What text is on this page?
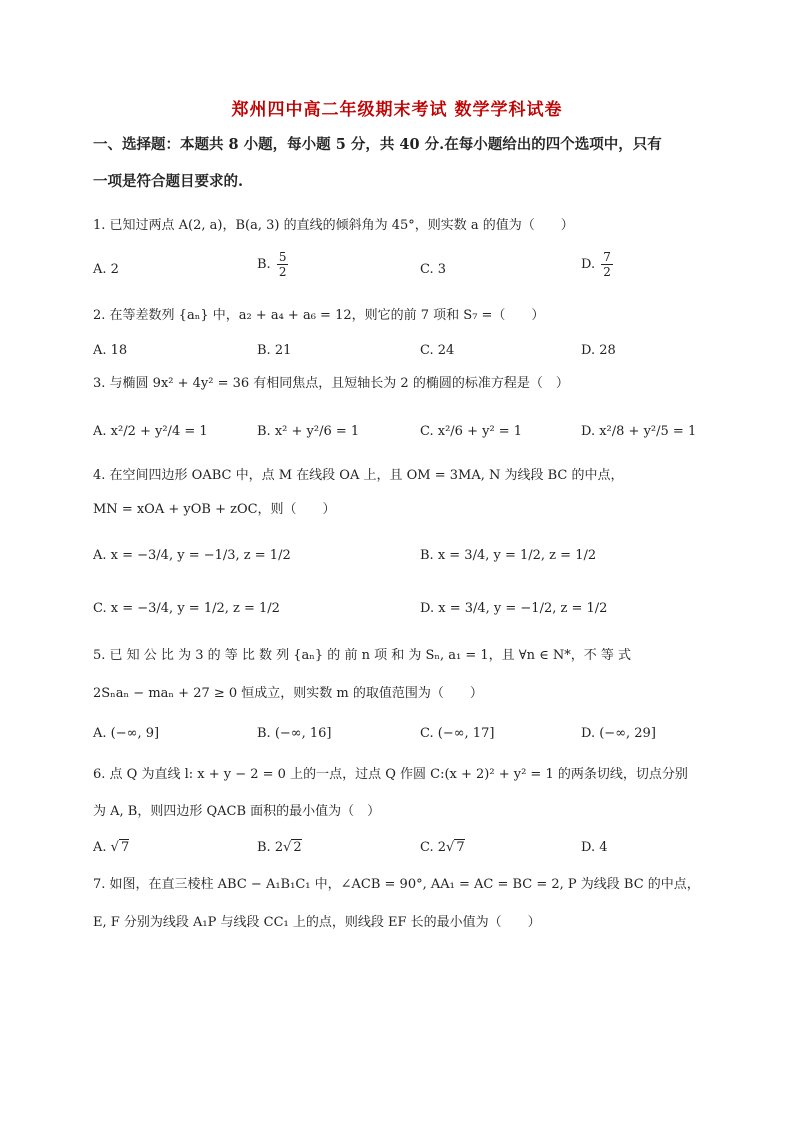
郑州四中高二年级期末考试 数学学科试卷
一、选择题：本题共 8 小题，每小题 5 分，共 40 分.在每小题给出的四个选项中，只有
一项是符合题目要求的.
1. 已知过两点 A(2, a)，B(a, 3) 的直线的倾斜角为 45°，则实数 a 的值为（　　）
A. 2	B. $\frac{5}{2}$	C. 3	D. $\frac{7}{2}$
2. 在等差数列 {aₙ} 中，a₂ + a₄ + a₆ = 12，则它的前 7 项和 S₇ =（　　）
A. 18	B. 21	C. 24	D. 28
3. 与椭圆 9x² + 4y² = 36 有相同焦点，且短轴长为 2 的椭圆的标准方程是（　）
A. x²/2 + y²/4 = 1	B. x² + y²/6 = 1	C. x²/6 + y² = 1	D. x²/8 + y²/5 = 1
4. 在空间四边形 OABC 中，点 M 在线段 OA 上，且 OM = 3MA, N 为线段 BC 的中点，
MN = xOA + yOB + zOC，则（　　）
A. x = −3/4, y = −1/3, z = 1/2	B. x = 3/4, y = 1/2, z = 1/2
C. x = −3/4, y = 1/2, z = 1/2	D. x = 3/4, y = −1/2, z = 1/2
5. 已 知 公 比 为 3 的 等 比 数 列 {aₙ} 的 前 n 项 和 为 Sₙ, a₁ = 1，且 ∀n ∈ N*，不 等 式
2Sₙaₙ − maₙ + 27 ≥ 0 恒成立，则实数 m 的取值范围为（　　）
A. (−∞, 9]	B. (−∞, 16]	C. (−∞, 17]	D. (−∞, 29]
6. 点 Q 为直线 l: x + y − 2 = 0 上的一点，过点 Q 作圆 C:(x + 2)² + y² = 1 的两条切线，切点分别
为 A, B，则四边形 QACB 面积的最小值为（　）
A. √ 7	B. 2√ 2	C. 2√ 7	D. 4
7. 如图，在直三棱柱 ABC − A₁B₁C₁ 中，∠ACB = 90°, AA₁ = AC = BC = 2, P 为线段 BC 的中点，
E, F 分别为线段 A₁P 与线段 CC₁ 上的点，则线段 EF 长的最小值为（　　）
